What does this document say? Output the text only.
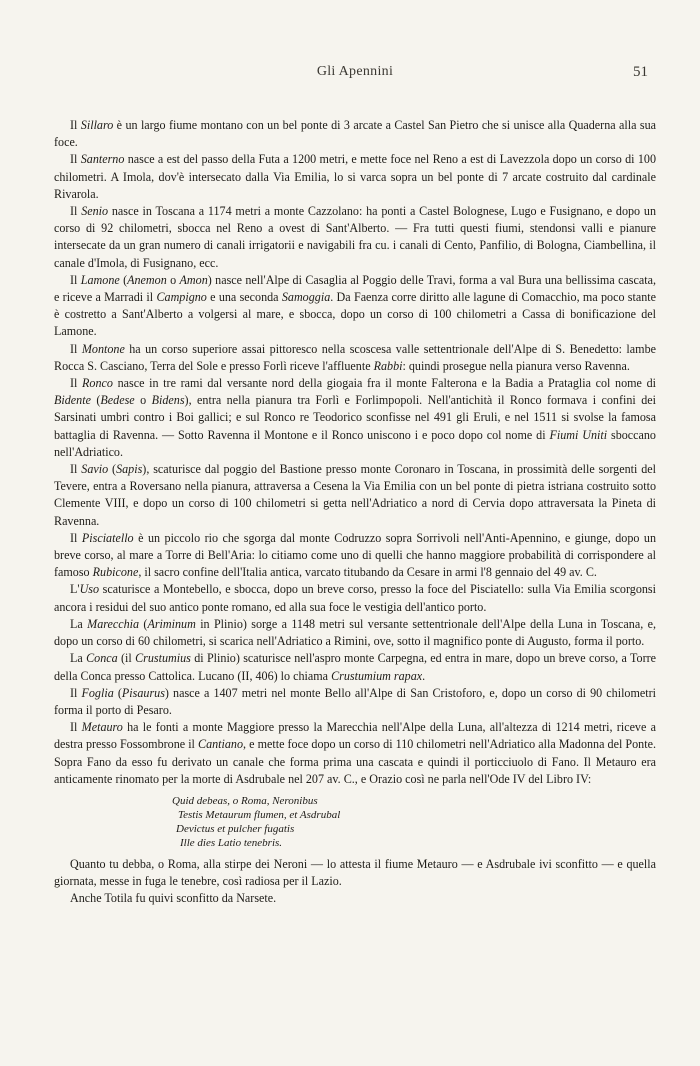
Gli Apennini	51

Il Sillaro è un largo fiume montano con un bel ponte di 3 arcate a Castel San Pietro che si unisce alla Quaderna alla sua foce.

Il Santerno nasce a est del passo della Futa a 1200 metri, e mette foce nel Reno a est di Lavezzola dopo un corso di 100 chilometri. A Imola, dov'è intersecato dalla Via Emilia, lo si varca sopra un bel ponte di 7 arcate costruito dal cardinale Rivarola.

Il Senio nasce in Toscana a 1174 metri a monte Cazzolano: ha ponti a Castel Bolognese, Lugo e Fusignano, e dopo un corso di 92 chilometri, sbocca nel Reno a ovest di Sant'Alberto. — Fra tutti questi fiumi, stendonsi valli e pianure intersecate da un gran numero di canali irrigatorii e navigabili fra cu. i canali di Cento, Panfilio, di Bologna, Ciambellina, il canale d'Imola, di Fusignano, ecc.

Il Lamone (Anemon o Amon) nasce nell'Alpe di Casaglia al Poggio delle Travi, forma a val Bura una bellissima cascata, e riceve a Marradi il Campigno e una seconda Samoggia. Da Faenza corre diritto alle lagune di Comacchio, ma poco stante è costretto a Sant'Alberto a volgersi al mare, e sbocca, dopo un corso di 100 chilometri a Cassa di bonificazione del Lamone.

Il Montone ha un corso superiore assai pittoresco nella scoscesa valle settentrionale dell'Alpe di S. Benedetto: lambe Rocca S. Casciano, Terra del Sole e presso Forlì riceve l'affluente Rabbi: quindi prosegue nella pianura verso Ravenna.

Il Ronco nasce in tre rami dal versante nord della giogaia fra il monte Falterona e la Badia a Prataglia col nome di Bidente (Bedese o Bidens), entra nella pianura tra Forlì e Forlimpopoli. Nell'antichità il Ronco formava i confini dei Sarsinati umbri contro i Boi gallici; e sul Ronco re Teodorico sconfisse nel 491 gli Eruli, e nel 1511 si svolse la famosa battaglia di Ravenna. — Sotto Ravenna il Montone e il Ronco uniscono i e poco dopo col nome di Fiumi Uniti sboccano nell'Adriatico.

Il Savio (Sapis), scaturisce dal poggio del Bastione presso monte Coronaro in Toscana, in prossimità delle sorgenti del Tevere, entra a Roversano nella pianura, attraversa a Cesena la Via Emilia con un bel ponte di pietra istriana costruito sotto Clemente VIII, e dopo un corso di 100 chilometri si getta nell'Adriatico a nord di Cervia dopo attraversata la Pineta di Ravenna.

Il Pisciatello è un piccolo rio che sgorga dal monte Codruzzo sopra Sorrivoli nell'Anti-Apennino, e giunge, dopo un breve corso, al mare a Torre di Bell'Aria: lo citiamo come uno di quelli che hanno maggiore probabilità di corrispondere al famoso Rubicone, il sacro confine dell'Italia antica, varcato titubando da Cesare in armi l'8 gennaio del 49 av. C.

L'Uso scaturisce a Montebello, e sbocca, dopo un breve corso, presso la foce del Pisciatello: sulla Via Emilia scorgonsi ancora i residui del suo antico ponte romano, ed alla sua foce le vestigia dell'antico porto.

La Marecchia (Ariminum in Plinio) sorge a 1148 metri sul versante settentrionale dell'Alpe della Luna in Toscana, e, dopo un corso di 60 chilometri, si scarica nell'Adriatico a Rimini, ove, sotto il magnifico ponte di Augusto, forma il porto.

La Conca (il Crustumius di Plinio) scaturisce nell'aspro monte Carpegna, ed entra in mare, dopo un breve corso, a Torre della Conca presso Cattolica. Lucano (II, 406) lo chiama Crustumium rapax.

Il Foglia (Pisaurus) nasce a 1407 metri nel monte Bello all'Alpe di San Cristoforo, e, dopo un corso di 90 chilometri forma il porto di Pesaro.

Il Metauro ha le fonti a monte Maggiore presso la Marecchia nell'Alpe della Luna, all'altezza di 1214 metri, riceve a destra presso Fossombrone il Cantiano, e mette foce dopo un corso di 110 chilometri nell'Adriatico alla Madonna del Ponte. Sopra Fano da esso fu derivato un canale che forma prima una cascata e quindi il porticciuolo di Fano. Il Metauro era anticamente rinomato per la morte di Asdrubale nel 207 av. C., e Orazio così ne parla nell'Ode IV del Libro IV:

Quid debeas, o Roma, Neronibus
Testis Metaurum flumen, et Asdrubal
Devictus et pulcher fugatis
Ille dies Latio tenebris.

Quanto tu debba, o Roma, alla stirpe dei Neroni — lo attesta il fiume Metauro — e Asdrubale ivi sconfitto — e quella giornata, messe in fuga le tenebre, così radiosa per il Lazio.

Anche Totila fu quivi sconfitto da Narsete.
